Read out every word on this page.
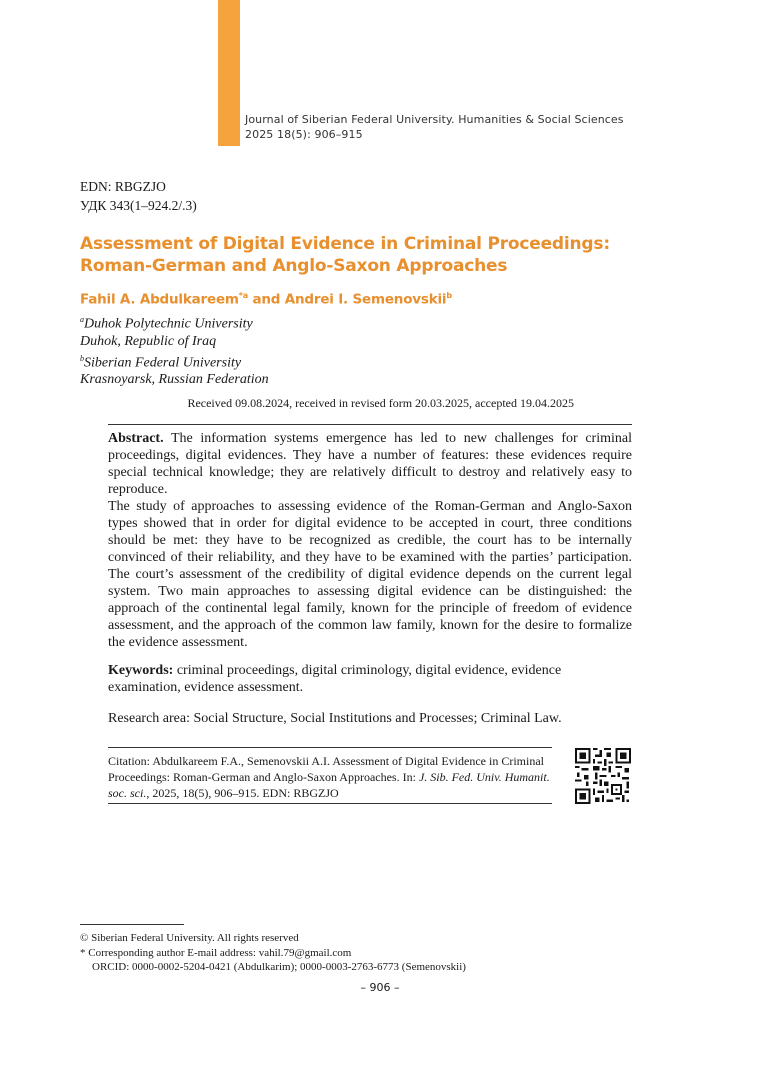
Journal of Siberian Federal University. Humanities & Social Sciences
2025 18(5): 906–915
EDN: RBGZJO
УДК 343(1–924.2/.3)
Assessment of Digital Evidence in Criminal Proceedings:
Roman-German and Anglo-Saxon Approaches
Fahil A. Abdulkareem$^{*a}$ and Andrei I. Semenovskii$^b$
$^a$Duhok Polytechnic University
Duhok, Republic of Iraq
$^b$Siberian Federal University
Krasnoyarsk, Russian Federation
Received 09.08.2024, received in revised form 20.03.2025, accepted 19.04.2025

Abstract. The information systems emergence has led to new challenges for criminal proceedings, digital evidences. They have a number of features: these evidences require special technical knowledge; they are relatively difficult to destroy and relatively easy to reproduce.

The study of approaches to assessing evidence of the Roman-German and Anglo-Saxon types showed that in order for digital evidence to be accepted in court, three conditions should be met: they have to be recognized as credible, the court has to be internally convinced of their reliability, and they have to be examined with the parties’ participation. The court’s assessment of the credibility of digital evidence depends on the current legal system. Two main approaches to assessing digital evidence can be distinguished: the approach of the continental legal family, known for the principle of freedom of evidence assessment, and the approach of the common law family, known for the desire to formalize the evidence assessment.

Keywords: criminal proceedings, digital criminology, digital evidence, evidence examination, evidence assessment.
Research area: Social Structure, Social Institutions and Processes; Criminal Law.
Citation: Abdulkareem F.A., Semenovskii A.I. Assessment of Digital Evidence in Criminal Proceedings: Roman-German and Anglo-Saxon Approaches. In: J. Sib. Fed. Univ. Humanit. soc. sci., 2025, 18(5), 906–915. EDN: RBGZJO
© Siberian Federal University. All rights reserved
* Corresponding author E-mail address: vahil.79@gmail.com
ORCID: 0000-0002-5204-0421 (Abdulkarim); 0000-0003-2763-6773 (Semenovskii)
– 906 –
